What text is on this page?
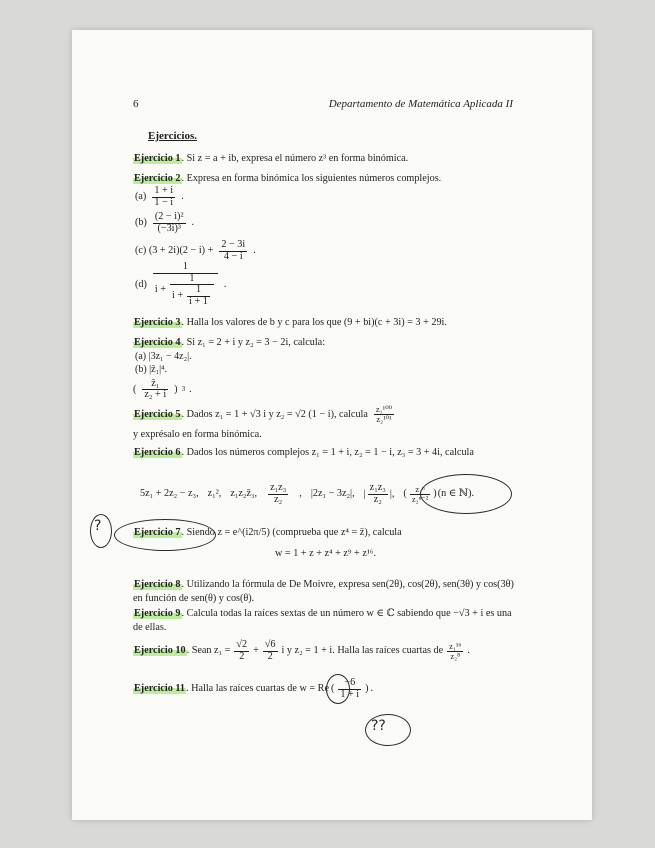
6	Departamento de Matemática Aplicada II
Ejercicios.
Ejercicio 1. Si z = a + ib, expresa el número z³ en forma binómica.
Ejercicio 2. Expresa en forma binómica los siguientes números complejos.
$(a) \frac{1 + i}{1 - i}$ .
$(b) \frac{\text{(2 − i)²}}{\text{(−3i)³}}$ .
(c) $(3 + 2i)(2 - i) + \frac{2 - 3i}{4 - i}$ .
$(d) \frac{1}{i + \frac{1}{i + \frac{1}{i + 1}}}$ .
Ejercicio 3. Halla los valores de b y c para los que (9 + bi)(c + 3i) = 3 + 29i.
Ejercicio 4. Si z₁ = 2 + i y z₂ = 3 − 2i, calcula:
(a) |3z₁ − 4z₂|.
(b) |z̄₁|⁴.
( $\frac{\text{z̄₁}}{\text{z₂ + i}}$ ) 3 .
Ejercicio 5. Dados z₁ = 1 + √3 i y z₂ = √2 (1 − i), calcula $\frac{\text{z₁¹⁰⁰}}{\text{z₂¹⁰¹}}$
y exprésalo en forma binómica.
Ejercicio 6. Dados los números complejos z₁ = 1 + i, z₂ = 1 − i, z₃ = 3 + 4i, calcula
5z₁ + 2z₂ − z₃, z₁², z₁z₂z̄₃, $\frac{\text{z₁z₃}}{\text{z₂}}$ , |2z₁ − 3z₂|, | $\frac{\text{z₁z₃}}{\text{z₂}}$ |, ( $\frac{\text{z₁ⁿ}}{\text{z₂ⁿ⁻²}}$ ) (n ∈ ℕ).
?	Ejercicio 7. Siendo z = e^(i2π/5) (comprueba que z⁴ = z̄), calcula
w = 1 + z + z⁴ + z⁹ + z¹⁶.
Ejercicio 8. Utilizando la fórmula de De Moivre, expresa sen(2θ), cos(2θ), sen(3θ) y cos(3θ) en función de sen(θ) y cos(θ).
Ejercicio 9. Calcula todas la raíces sextas de un número w ∈ ℂ sabiendo que −√3 + i es una de ellas.
Ejercicio 10. Sean $z_1 = \frac{√2}{2} + \frac{√6}{2}$ i y z₂ = 1 + i. Halla las raíces cuartas de $\frac{\text{z₁¹⁶}}{\text{z₂⁸}}$ .
Ejercicio 11. Halla las raíces cuartas de w = Re ( $\frac{-6}{1 + i}$ ) .
??
